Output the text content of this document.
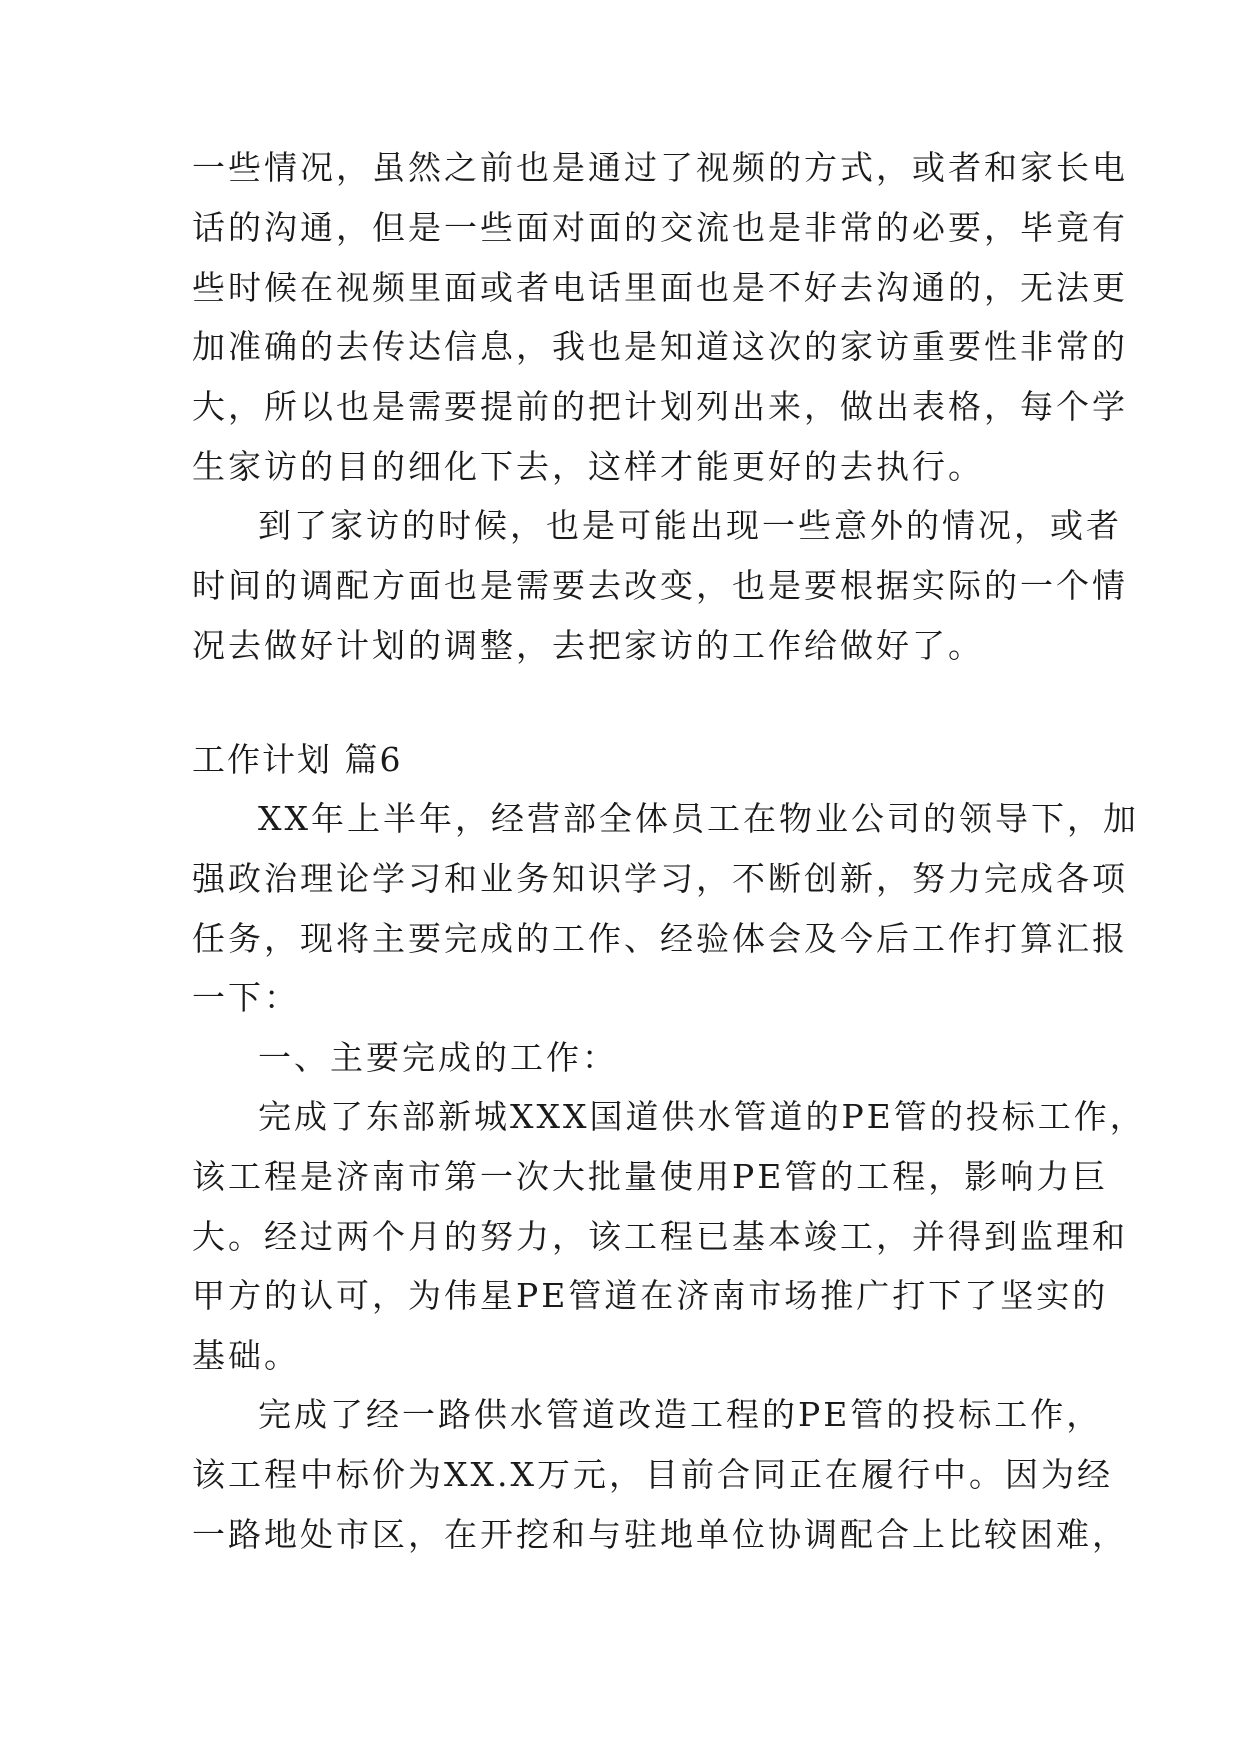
一些情况，虽然之前也是通过了视频的方式，或者和家长电
话的沟通，但是一些面对面的交流也是非常的必要，毕竟有
些时候在视频里面或者电话里面也是不好去沟通的，无法更
加准确的去传达信息，我也是知道这次的家访重要性非常的
大，所以也是需要提前的把计划列出来，做出表格，每个学
生家访的目的细化下去，这样才能更好的去执行。
到了家访的时候，也是可能出现一些意外的情况，或者
时间的调配方面也是需要去改变，也是要根据实际的一个情
况去做好计划的调整，去把家访的工作给做好了。
工作计划 篇6
XX年上半年，经营部全体员工在物业公司的领导下，加
强政治理论学习和业务知识学习，不断创新，努力完成各项
任务，现将主要完成的工作、经验体会及今后工作打算汇报
一下：
一、主要完成的工作：
完成了东部新城XXX国道供水管道的PE管的投标工作，
该工程是济南市第一次大批量使用PE管的工程，影响力巨
大。经过两个月的努力，该工程已基本竣工，并得到监理和
甲方的认可，为伟星PE管道在济南市场推广打下了坚实的
基础。
完成了经一路供水管道改造工程的PE管的投标工作，
该工程中标价为XX.X万元，目前合同正在履行中。因为经
一路地处市区，在开挖和与驻地单位协调配合上比较困难，
